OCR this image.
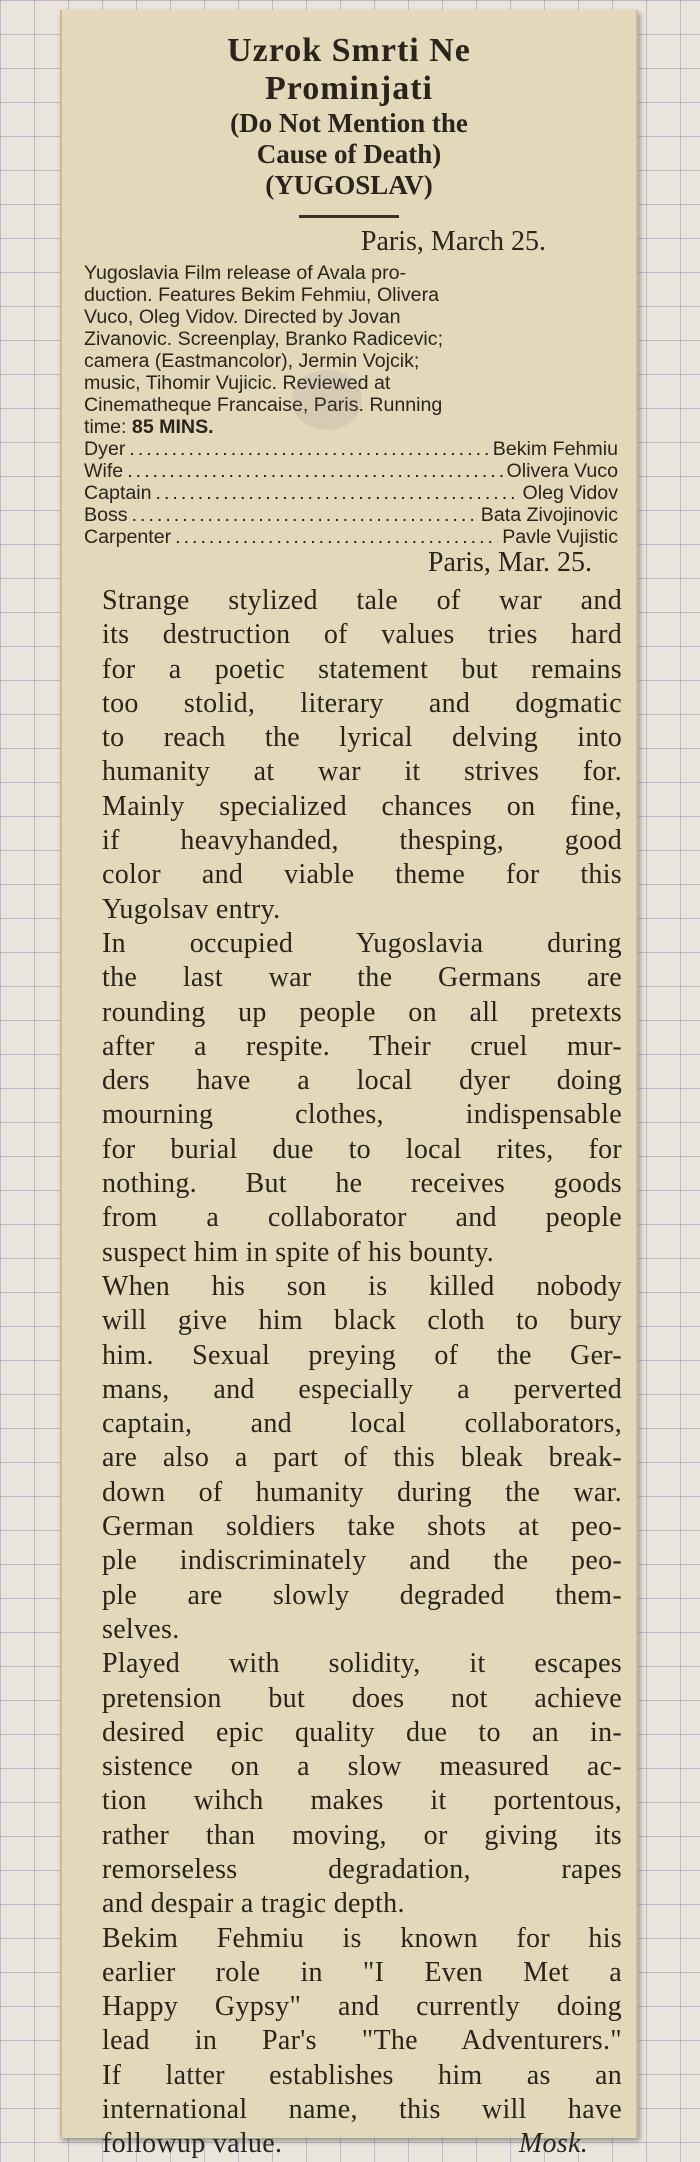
Uzrok Smrti Ne
Prominjati
(Do Not Mention the
Cause of Death)
(YUGOSLAV)
Paris, March 25.
Yugoslavia Film release of Avala pro-
duction. Features Bekim Fehmiu, Olivera
Vuco, Oleg Vidov. Directed by Jovan
Zivanovic. Screenplay, Branko Radicevic;
camera (Eastmancolor), Jermin Vojcik;
music, Tihomir Vujicic. Reviewed at
Cinematheque Francaise, Paris. Running
time: 85 MINS.
Dyer .....	Bekim Fehmiu
Wife .....	Olivera Vuco
Captain .....	Oleg Vidov
Boss .....	Bata Zivojinovic
Carpenter .....	Pavle Vujistic
Paris, Mar. 25.

Strange stylized tale of war and
its destruction of values tries hard
for a poetic statement but remains
too stolid, literary and dogmatic
to reach the lyrical delving into
humanity at war it strives for.
Mainly specialized chances on fine,
if heavyhanded, thesping, good
color and viable theme for this
Yugolsav entry.

In occupied Yugoslavia during
the last war the Germans are
rounding up people on all pretexts
after a respite. Their cruel mur-
ders have a local dyer doing
mourning clothes, indispensable
for burial due to local rites, for
nothing. But he receives goods
from a collaborator and people
suspect him in spite of his bounty.

When his son is killed nobody
will give him black cloth to bury
him. Sexual preying of the Ger-
mans, and especially a perverted
captain, and local collaborators,
are also a part of this bleak break-
down of humanity during the war.
German soldiers take shots at peo-
ple indiscriminately and the peo-
ple are slowly degraded them-
selves.

Played with solidity, it escapes
pretension but does not achieve
desired epic quality due to an in-
sistence on a slow measured ac-
tion wihch makes it portentous,
rather than moving, or giving its
remorseless degradation, rapes
and despair a tragic depth.

Bekim Fehmiu is known for his
earlier role in "I Even Met a
Happy Gypsy" and currently doing
lead in Par's "The Adventurers."
If latter establishes him as an
international name, this will have
followup value.	Mosk.
